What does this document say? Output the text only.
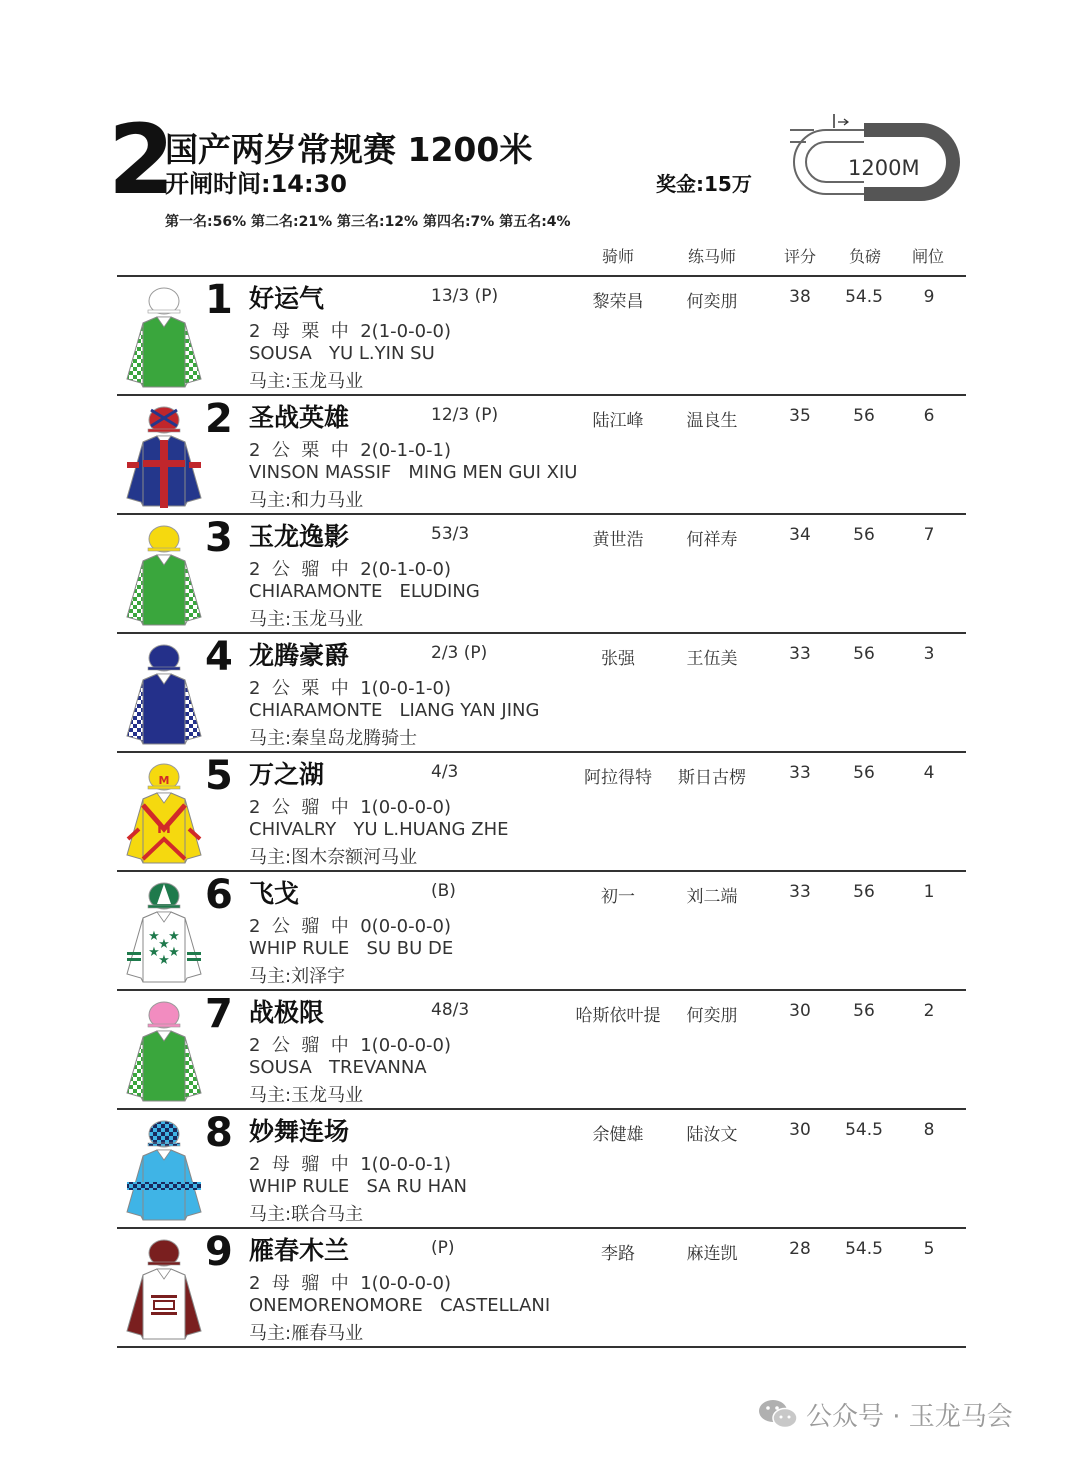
2
国产两岁常规赛 1200米
开闸时间:14:30	奖金:15万
1200M
第一名:56% 第二名:21% 第三名:12% 第四名:7% 第五名:4%
骑师	练马师	评分 负磅 闸位
1 好运气	13/3 (P)
2  母  栗  中  2(1-0-0-0)
SOUSA   YU L.YIN SU
马主:玉龙马业
黎荣昌	何奕朋	38	54.5	9
2 圣战英雄	12/3 (P)
2  公  栗  中  2(0-1-0-1)
VINSON MASSIF   MING MEN GUI XIU
马主:和力马业
陆江峰	温良生	35	56	6
3 玉龙逸影	53/3
2  公  骝  中  2(0-1-0-0)
CHIARAMONTE   ELUDING
马主:玉龙马业
黄世浩	何祥寿	34	56	7
4 龙腾豪爵	2/3 (P)
2  公  栗  中  1(0-0-1-0)
CHIARAMONTE   LIANG YAN JING
马主:秦皇岛龙腾骑士
张强	王伍美	33	56	3
M
M
5 万之湖	4/3
2  公  骝  中  1(0-0-0-0)
CHIVALRY   YU L.HUANG ZHE
马主:图木奈额河马业
阿拉得特	斯日古楞	33	56	4
★ ★
★ ★
★
★
6 飞戈	(B)
2  公  骝  中  0(0-0-0-0)
WHIP RULE   SU BU DE
马主:刘泽宇
初一	刘二端	33	56	1
7 战极限	48/3
2  公  骝  中  1(0-0-0-0)
SOUSA   TREVANNA
马主:玉龙马业
哈斯依叶提	何奕朋	30	56	2
8 妙舞连场
2  母  骝  中  1(0-0-0-1)
WHIP RULE   SA RU HAN
马主:联合马主
余健雄	陆汝文	30	54.5	8
9 雁春木兰	(P)
2  母  骝  中  1(0-0-0-0)
ONEMORENOMORE   CASTELLANI
马主:雁春马业
李路	麻连凯	28	54.5	5
公众号 · 玉龙马会
